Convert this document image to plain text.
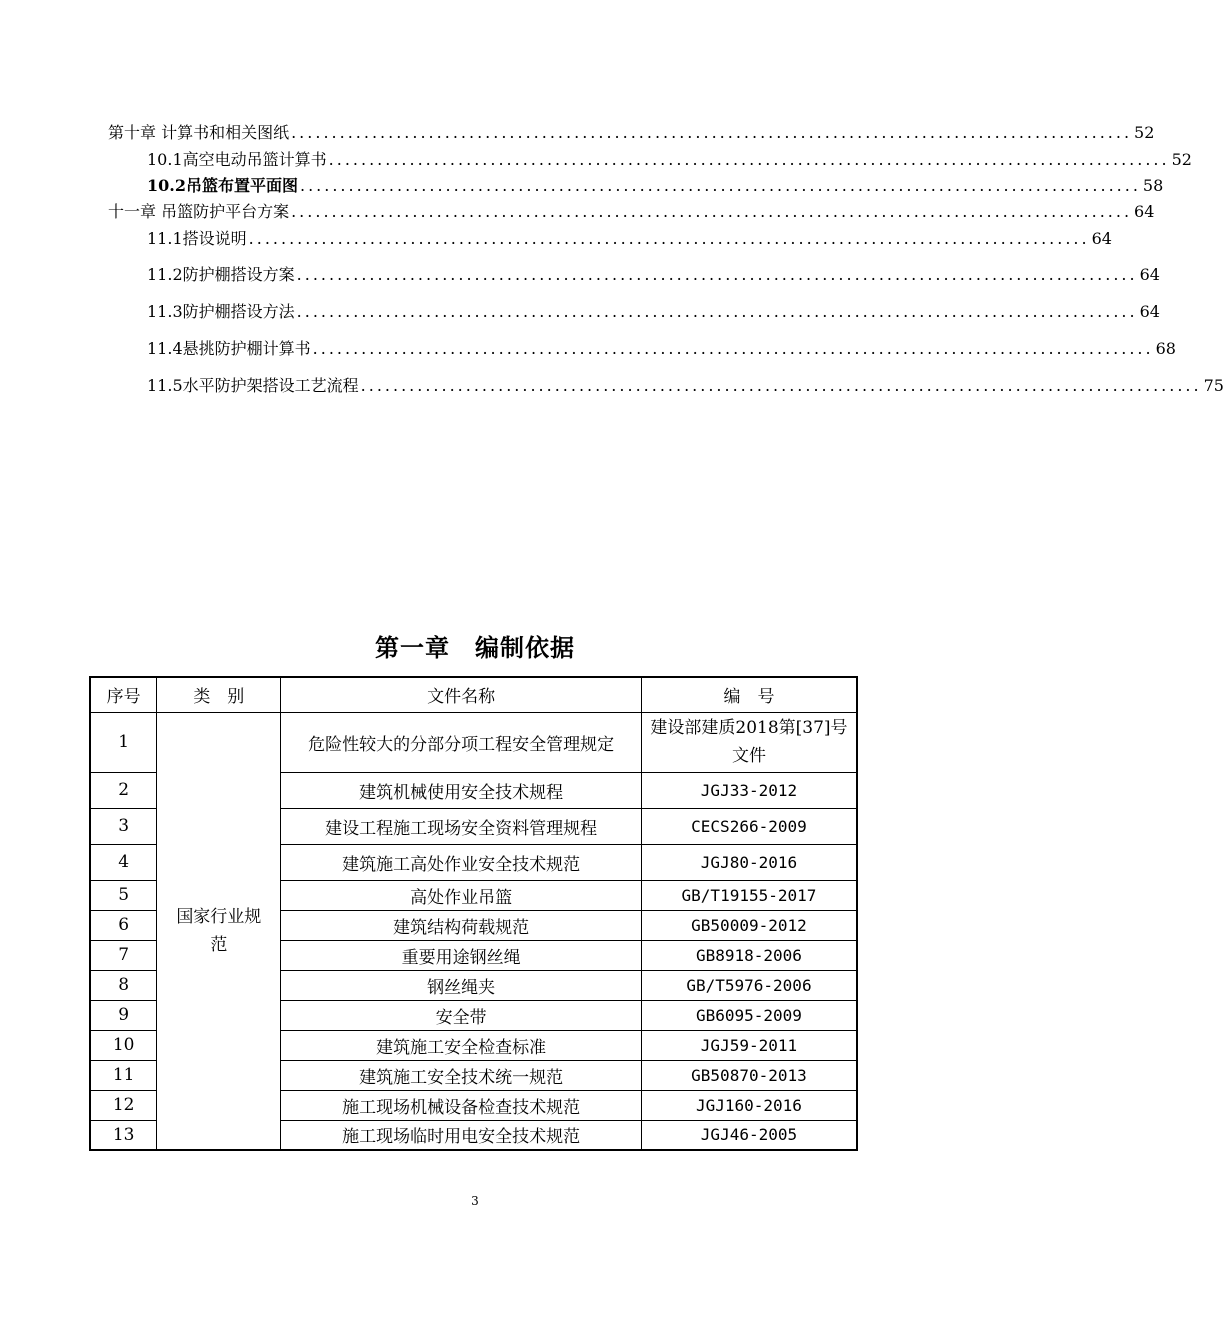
第十章 计算书和相关图纸 ........................................................................................................ 52
10.1高空电动吊篮计算书 ........................................................................................................ 52
10.2吊篮布置平面图 ........................................................................................................ 58
十一章 吊篮防护平台方案 ........................................................................................................ 64
11.1搭设说明 ........................................................................................................ 64
11.2防护棚搭设方案 ........................................................................................................ 64
11.3防护棚搭设方法 ........................................................................................................ 64
11.4悬挑防护棚计算书 ........................................................................................................ 68
11.5水平防护架搭设工艺流程 ........................................................................................................ 75
第一章　编制依据
序号	类　别	文件名称	编　号
1	国家行业规范	危险性较大的分部分项工程安全管理规定	建设部建质2018第[37]号文件
2		建筑机械使用安全技术规程	JGJ33-2012
3		建设工程施工现场安全资料管理规程	CECS266-2009
4		建筑施工高处作业安全技术规范	JGJ80-2016
5		高处作业吊篮	GB/T19155-2017
6		建筑结构荷载规范	GB50009-2012
7		重要用途钢丝绳	GB8918-2006
8		钢丝绳夹	GB/T5976-2006
9		安全带	GB6095-2009
10		建筑施工安全检查标准	JGJ59-2011
11		建筑施工安全技术统一规范	GB50870-2013
12		施工现场机械设备检查技术规范	JGJ160-2016
13		施工现场临时用电安全技术规范	JGJ46-2005
3
